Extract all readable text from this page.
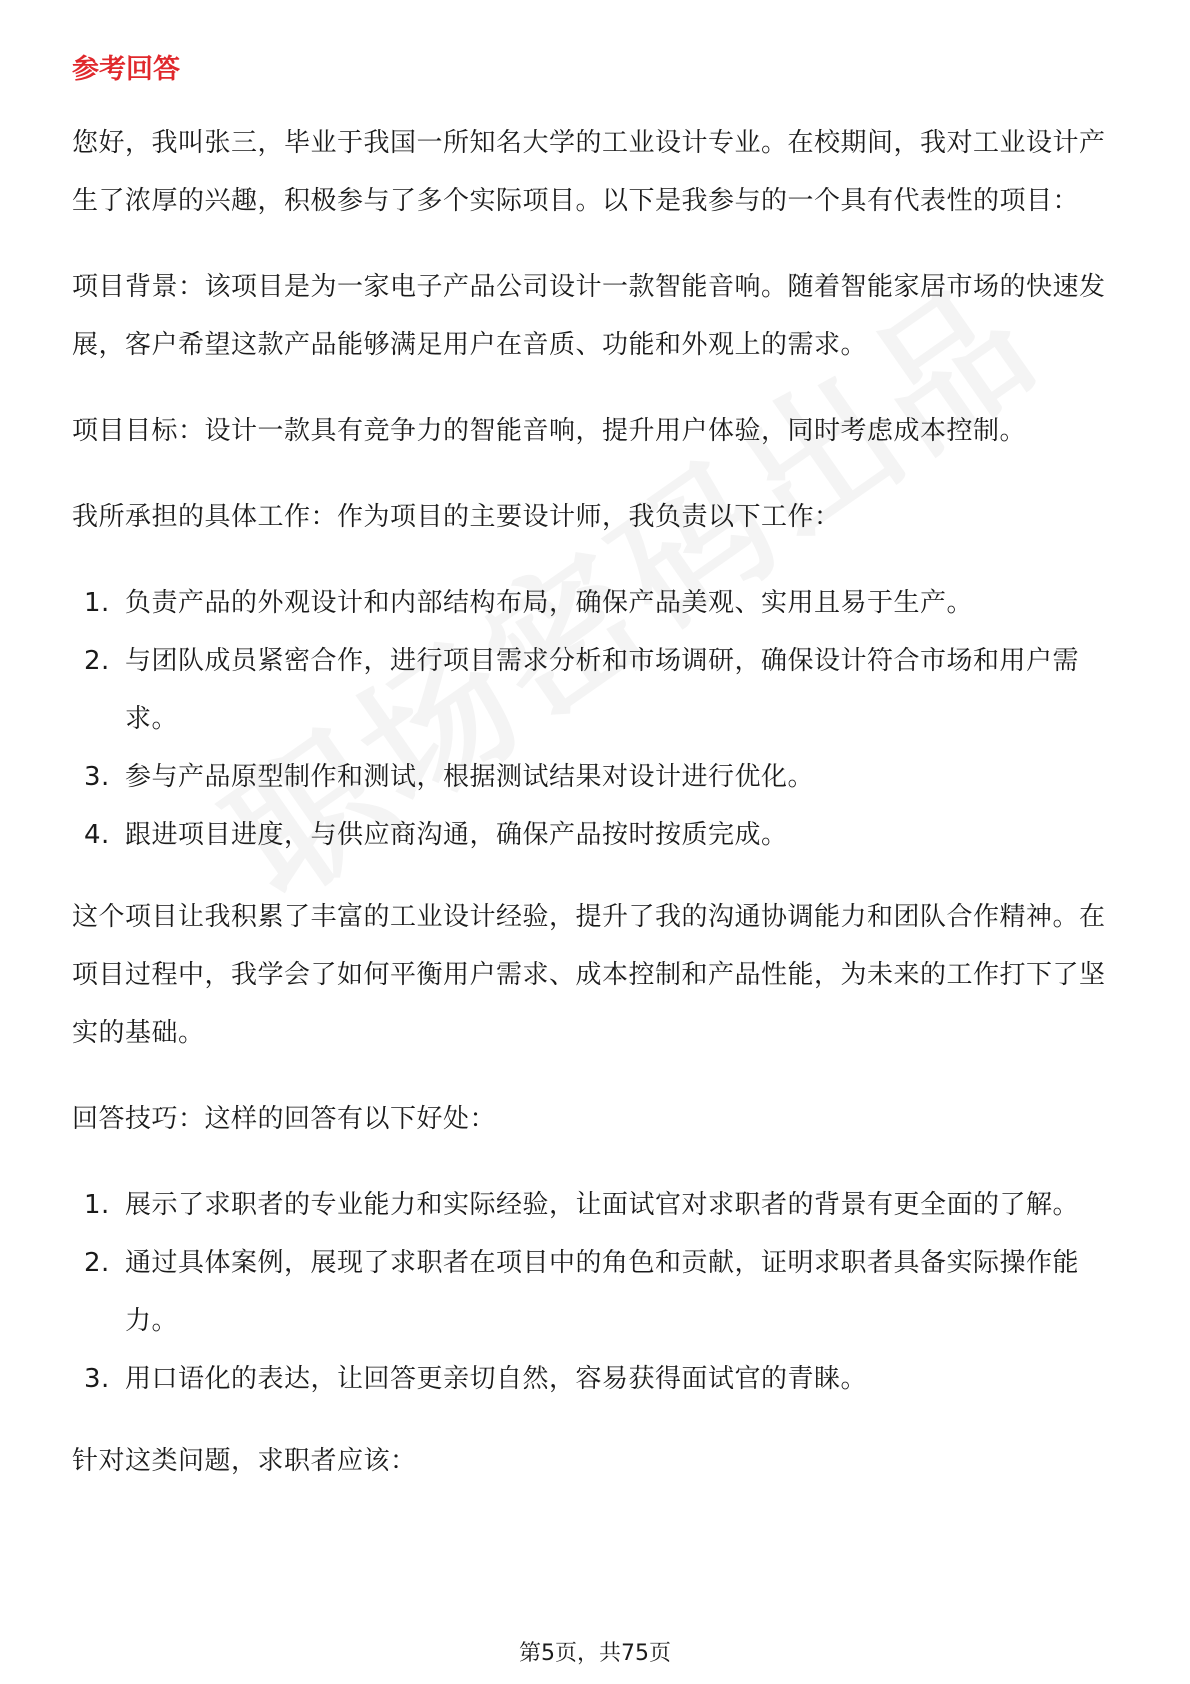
参考回答

您好，我叫张三，毕业于我国一所知名大学的工业设计专业。在校期间，我对工业设计产生了浓厚的兴趣，积极参与了多个实际项目。以下是我参与的一个具有代表性的项目：

项目背景：该项目是为一家电子产品公司设计一款智能音响。随着智能家居市场的快速发展，客户希望这款产品能够满足用户在音质、功能和外观上的需求。

项目目标：设计一款具有竞争力的智能音响，提升用户体验，同时考虑成本控制。

我所承担的具体工作：作为项目的主要设计师，我负责以下工作：

1. 负责产品的外观设计和内部结构布局，确保产品美观、实用且易于生产。
2. 与团队成员紧密合作，进行项目需求分析和市场调研，确保设计符合市场和用户需求。
3. 参与产品原型制作和测试，根据测试结果对设计进行优化。
4. 跟进项目进度，与供应商沟通，确保产品按时按质完成。

这个项目让我积累了丰富的工业设计经验，提升了我的沟通协调能力和团队合作精神。在项目过程中，我学会了如何平衡用户需求、成本控制和产品性能，为未来的工作打下了坚实的基础。

回答技巧：这样的回答有以下好处：

1. 展示了求职者的专业能力和实际经验，让面试官对求职者的背景有更全面的了解。
2. 通过具体案例，展现了求职者在项目中的角色和贡献，证明求职者具备实际操作能力。
3. 用口语化的表达，让回答更亲切自然，容易获得面试官的青睐。

针对这类问题，求职者应该：

第5页，共75页
